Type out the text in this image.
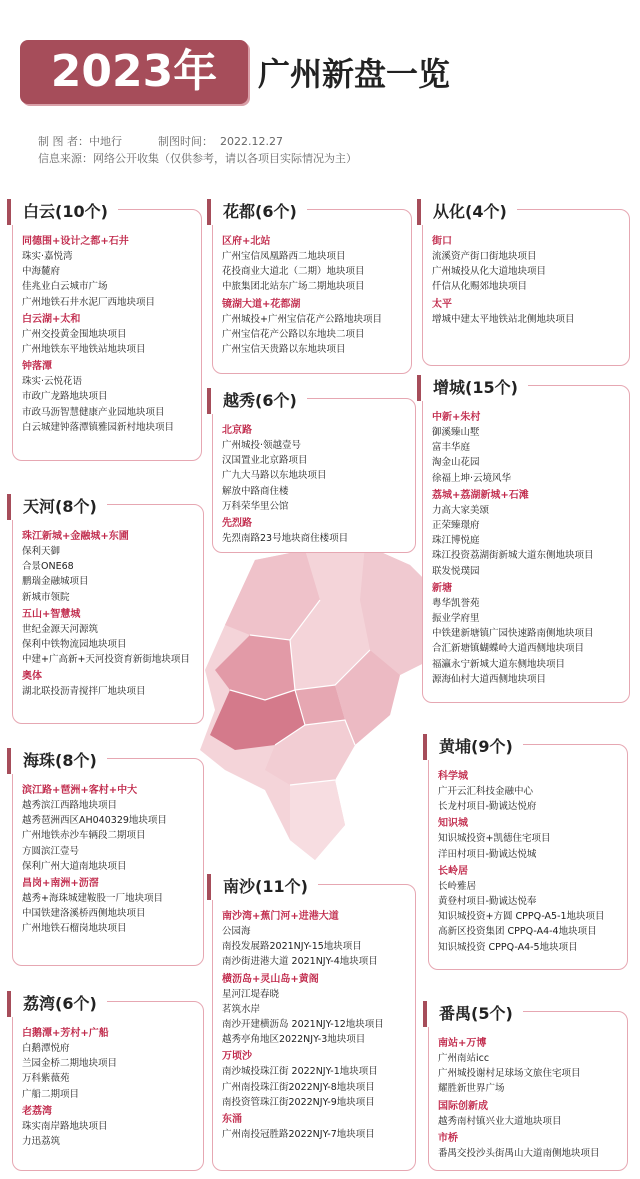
2023年	广州新盘一览
制 图 者：中地行	制图时间： 2022.12.27
信息来源：网络公开收集（仅供参考，请以各项目实际情况为主）
白云(10个)
同德围+设计之都+石井
珠实·嘉悦湾
中海麓府
佳兆业白云城市广场
广州地铁石井水泥厂西地块项目
白云湖+太和
广州交投黄金围地块项目
广州地铁东平地铁站地块项目
钟落潭
珠实·云悦花语
市政广龙路地块项目
市政马沥智慧健康产业园地块项目
白云城建钟落潭镇雅园新村地块项目
花都(6个)
区府+北站
广州宝信凤凰路西二地块项目
花投商业大道北（二期）地块项目
中旅集团北站东广场二期地块项目
镜湖大道+花都湖
广州城投+广州宝信花产公路地块项目
广州宝信花产公路以东地块二项目
广州宝信天贵路以东地块项目
从化(4个)
街口
流溪资产街口街地块项目
广州城投从化大道地块项目
仟信从化赐郊地块项目
太平
增城中建太平地铁站北侧地块项目
越秀(6个)
北京路
广州城投·领越壹号
汉国置业北京路项目
广九大马路以东地块项目
解放中路商住楼
万科荣华里公馆
先烈路
先烈南路23号地块商住楼项目
增城(15个)
中新+朱村
御溪臻山墅
富丰华庭
淘金山花园
徐福上坤·云境风华
荔城+荔湖新城+石滩
力高大家美颂
正荣臻璟府
珠江博悦庭
珠江投资荔湖街新城大道东侧地块项目
联发悦璞园
新塘
粤华凯誉苑
振业学府里
中铁建新塘镇广园快速路南侧地块项目
合汇新塘镇蝴蝶岭大道西侧地块项目
福瀛永宁新城大道东侧地块项目
源海仙村大道西侧地块项目
天河(8个)
珠江新城+金融城+东圃
保利天御
合景ONE68
鹏瑞金融城项目
新城市领院
五山+智慧城
世纪金源天河源筑
保利中铁物流园地块项目
中建+广高新+天河投资育新街地块项目
奥体
湖北联投沥青搅拌厂地块项目
海珠(8个)
滨江路+琶洲+客村+中大
越秀滨江西路地块项目
越秀琶洲西区AH040329地块项目
广州地铁赤沙车辆段二期项目
方圆滨江壹号
保利广州大道南地块项目
昌岗+南洲+沥滘
越秀+海珠城建鞍股一厂地块项目
中国铁建洛溪桥西侧地块项目
广州地铁石榴岗地块项目
黄埔(9个)
科学城
广开云汇科技金融中心
长龙村项目-勤诚达悦府
知识城
知识城投资+凯德住宅项目
洋田村项目-勤诚达悦城
长岭居
长岭雅居
黄登村项目-勤诚达悦奉
知识城投资+方圆 CPPQ-A5-1地块项目
高新区投资集团 CPPQ-A4-4地块项目
知识城投资 CPPQ-A4-5地块项目
南沙(11个)
南沙湾+蕉门河+进港大道
公园海
南投发展路2021NJY-15地块项目
南沙街进港大道 2021NJY-4地块项目
横沥岛+灵山岛+黄阁
星河江堤春晓
茗筑水岸
南沙开建横沥岛 2021NJY-12地块项目
越秀亭角地区2022NJY-3地块项目
万顷沙
南沙城投珠江街 2022NJY-1地块项目
广州南投珠江街2022NJY-8地块项目
南投资管珠江街2022NJY-9地块项目
东涌
广州南投冠胜路2022NJY-7地块项目
荔湾(6个)
白鹅潭+芳村+广船
白鹅潭悦府
兰园金桥二期地块项目
万科紫薇苑
广船二期项目
老荔湾
珠实南岸路地块项目
力迅荔筑
番禺(5个)
南站+万博
广州南站icc
广州城投谢村足球场文旅住宅项目
耀胜新世界广场
国际创新成
越秀南村镇兴业大道地块项目
市桥
番禺交投沙头街禺山大道南侧地块项目
